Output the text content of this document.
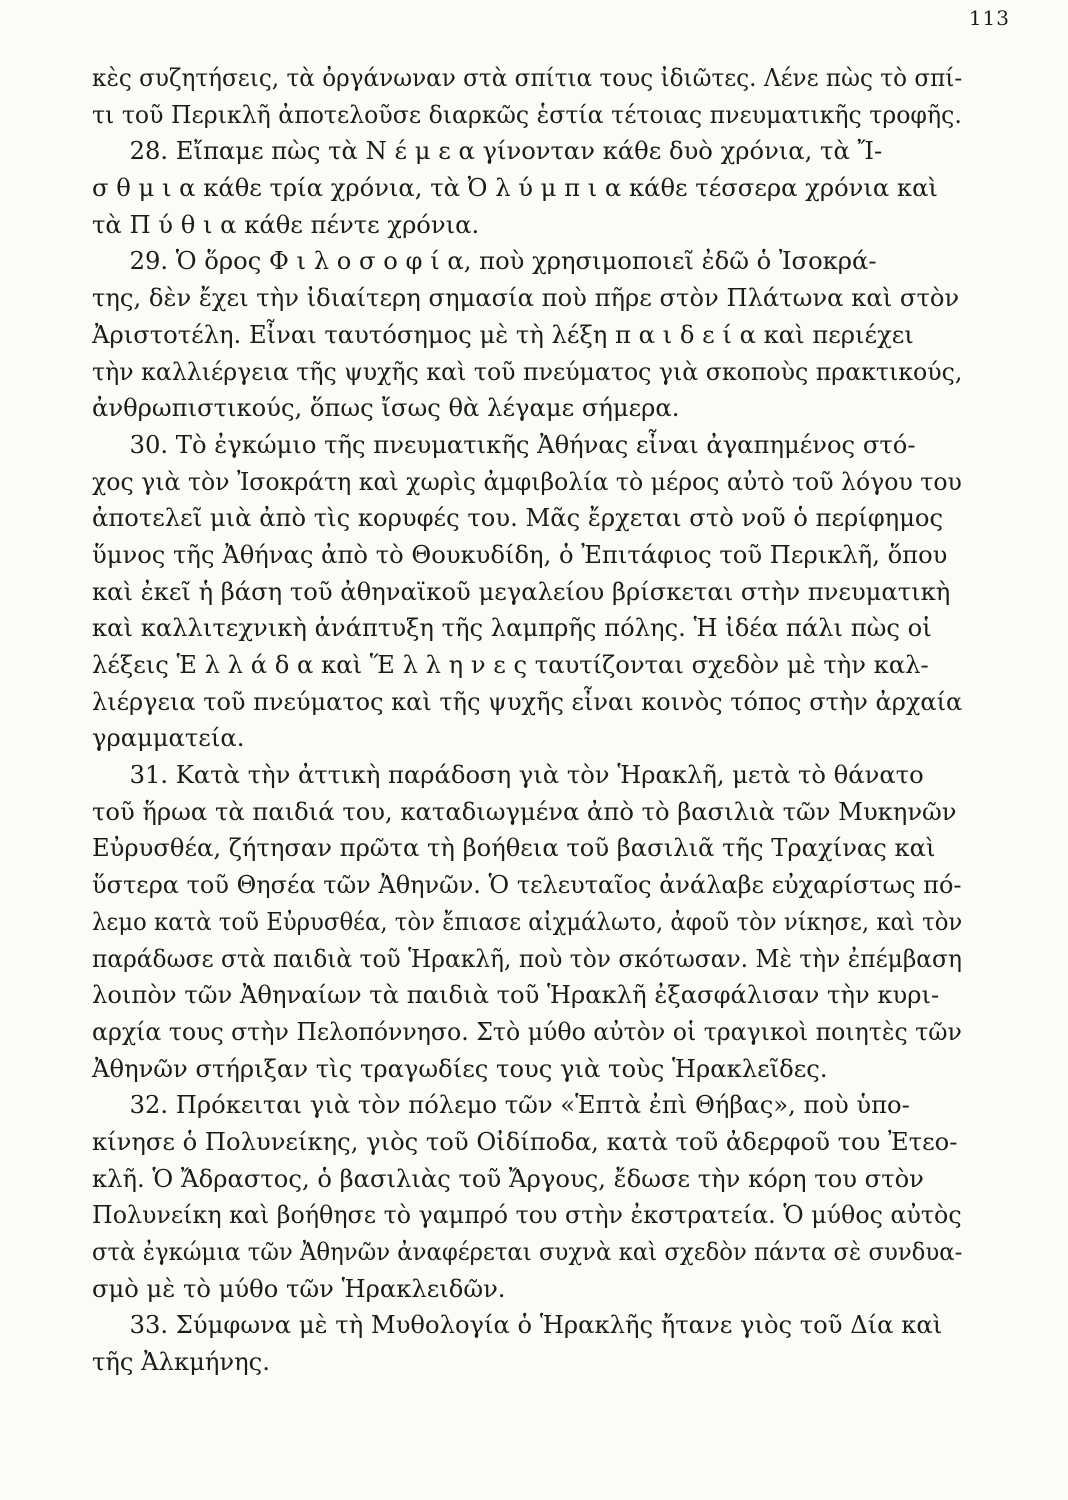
113
κὲς συζητήσεις, τὰ ὀργάνωναν στὰ σπίτια τους ἰδιῶτες. Λένε πὼς τὸ σπί-
τι τοῦ Περικλῆ ἀποτελοῦσε διαρκῶς ἑστία τέτοιας πνευματικῆς τροφῆς.
28. Εἴπαμε πὼς τὰ Ν έ μ ε α γίνονταν κάθε δυὸ χρόνια, τὰ Ἴ-
σ θ μ ι α κάθε τρία χρόνια, τὰ Ὀ λ ύ μ π ι α κάθε τέσσερα χρόνια καὶ
τὰ Π ύ θ ι α κάθε πέντε χρόνια.
29. Ὁ ὅρος Φ ι λ ο σ ο φ ί α, ποὺ χρησιμοποιεῖ ἐδῶ ὁ Ἰσοκρά-
της, δὲν ἔχει τὴν ἰδιαίτερη σημασία ποὺ πῆρε στὸν Πλάτωνα καὶ στὸν
Ἀριστοτέλη. Εἶναι ταυτόσημος μὲ τὴ λέξη π α ι δ ε ί α καὶ περιέχει
τὴν καλλιέργεια τῆς ψυχῆς καὶ τοῦ πνεύματος γιὰ σκοποὺς πρακτικούς,
ἀνθρωπιστικούς, ὅπως ἴσως θὰ λέγαμε σήμερα.
30. Τὸ ἐγκώμιο τῆς πνευματικῆς Ἀθήνας εἶναι ἀγαπημένος στό-
χος γιὰ τὸν Ἰσοκράτη καὶ χωρὶς ἀμφιβολία τὸ μέρος αὐτὸ τοῦ λόγου του
ἀποτελεῖ μιὰ ἀπὸ τὶς κορυφές του. Μᾶς ἔρχεται στὸ νοῦ ὁ περίφημος
ὕμνος τῆς Ἀθήνας ἀπὸ τὸ Θουκυδίδη, ὁ Ἐπιτάφιος τοῦ Περικλῆ, ὅπου
καὶ ἐκεῖ ἡ βάση τοῦ ἀθηναϊκοῦ μεγαλείου βρίσκεται στὴν πνευματικὴ
καὶ καλλιτεχνικὴ ἀνάπτυξη τῆς λαμπρῆς πόλης. Ἡ ἰδέα πάλι πὼς οἱ
λέξεις Ἑ λ λ ά δ α καὶ Ἕ λ λ η ν ε ς ταυτίζονται σχεδὸν μὲ τὴν καλ-
λιέργεια τοῦ πνεύματος καὶ τῆς ψυχῆς εἶναι κοινὸς τόπος στὴν ἀρχαία
γραμματεία.
31. Κατὰ τὴν ἀττικὴ παράδοση γιὰ τὸν Ἡρακλῆ, μετὰ τὸ θάνατο
τοῦ ἥρωα τὰ παιδιά του, καταδιωγμένα ἀπὸ τὸ βασιλιὰ τῶν Μυκηνῶν
Εὐρυσθέα, ζήτησαν πρῶτα τὴ βοήθεια τοῦ βασιλιᾶ τῆς Τραχίνας καὶ
ὕστερα τοῦ Θησέα τῶν Ἀθηνῶν. Ὁ τελευταῖος ἀνάλαβε εὐχαρίστως πό-
λεμο κατὰ τοῦ Εὐρυσθέα, τὸν ἔπιασε αἰχμάλωτο, ἀφοῦ τὸν νίκησε, καὶ τὸν
παράδωσε στὰ παιδιὰ τοῦ Ἡρακλῆ, ποὺ τὸν σκότωσαν. Μὲ τὴν ἐπέμβαση
λοιπὸν τῶν Ἀθηναίων τὰ παιδιὰ τοῦ Ἡρακλῆ ἐξασφάλισαν τὴν κυρι-
αρχία τους στὴν Πελοπόννησο. Στὸ μύθο αὐτὸν οἱ τραγικοὶ ποιητὲς τῶν
Ἀθηνῶν στήριξαν τὶς τραγωδίες τους γιὰ τοὺς Ἡρακλεῖδες.
32. Πρόκειται γιὰ τὸν πόλεμο τῶν «Ἑπτὰ ἐπὶ Θήβας», ποὺ ὑπο-
κίνησε ὁ Πολυνείκης, γιὸς τοῦ Οἰδίποδα, κατὰ τοῦ ἀδερφοῦ του Ἐτεο-
κλῆ. Ὁ Ἄδραστος, ὁ βασιλιὰς τοῦ Ἄργους, ἔδωσε τὴν κόρη του στὸν
Πολυνείκη καὶ βοήθησε τὸ γαμπρό του στὴν ἐκστρατεία. Ὁ μύθος αὐτὸς
στὰ ἐγκώμια τῶν Ἀθηνῶν ἀναφέρεται συχνὰ καὶ σχεδὸν πάντα σὲ συνδυα-
σμὸ μὲ τὸ μύθο τῶν Ἡρακλειδῶν.
33. Σύμφωνα μὲ τὴ Μυθολογία ὁ Ἡρακλῆς ἤτανε γιὸς τοῦ Δία καὶ
τῆς Ἀλκμήνης.
